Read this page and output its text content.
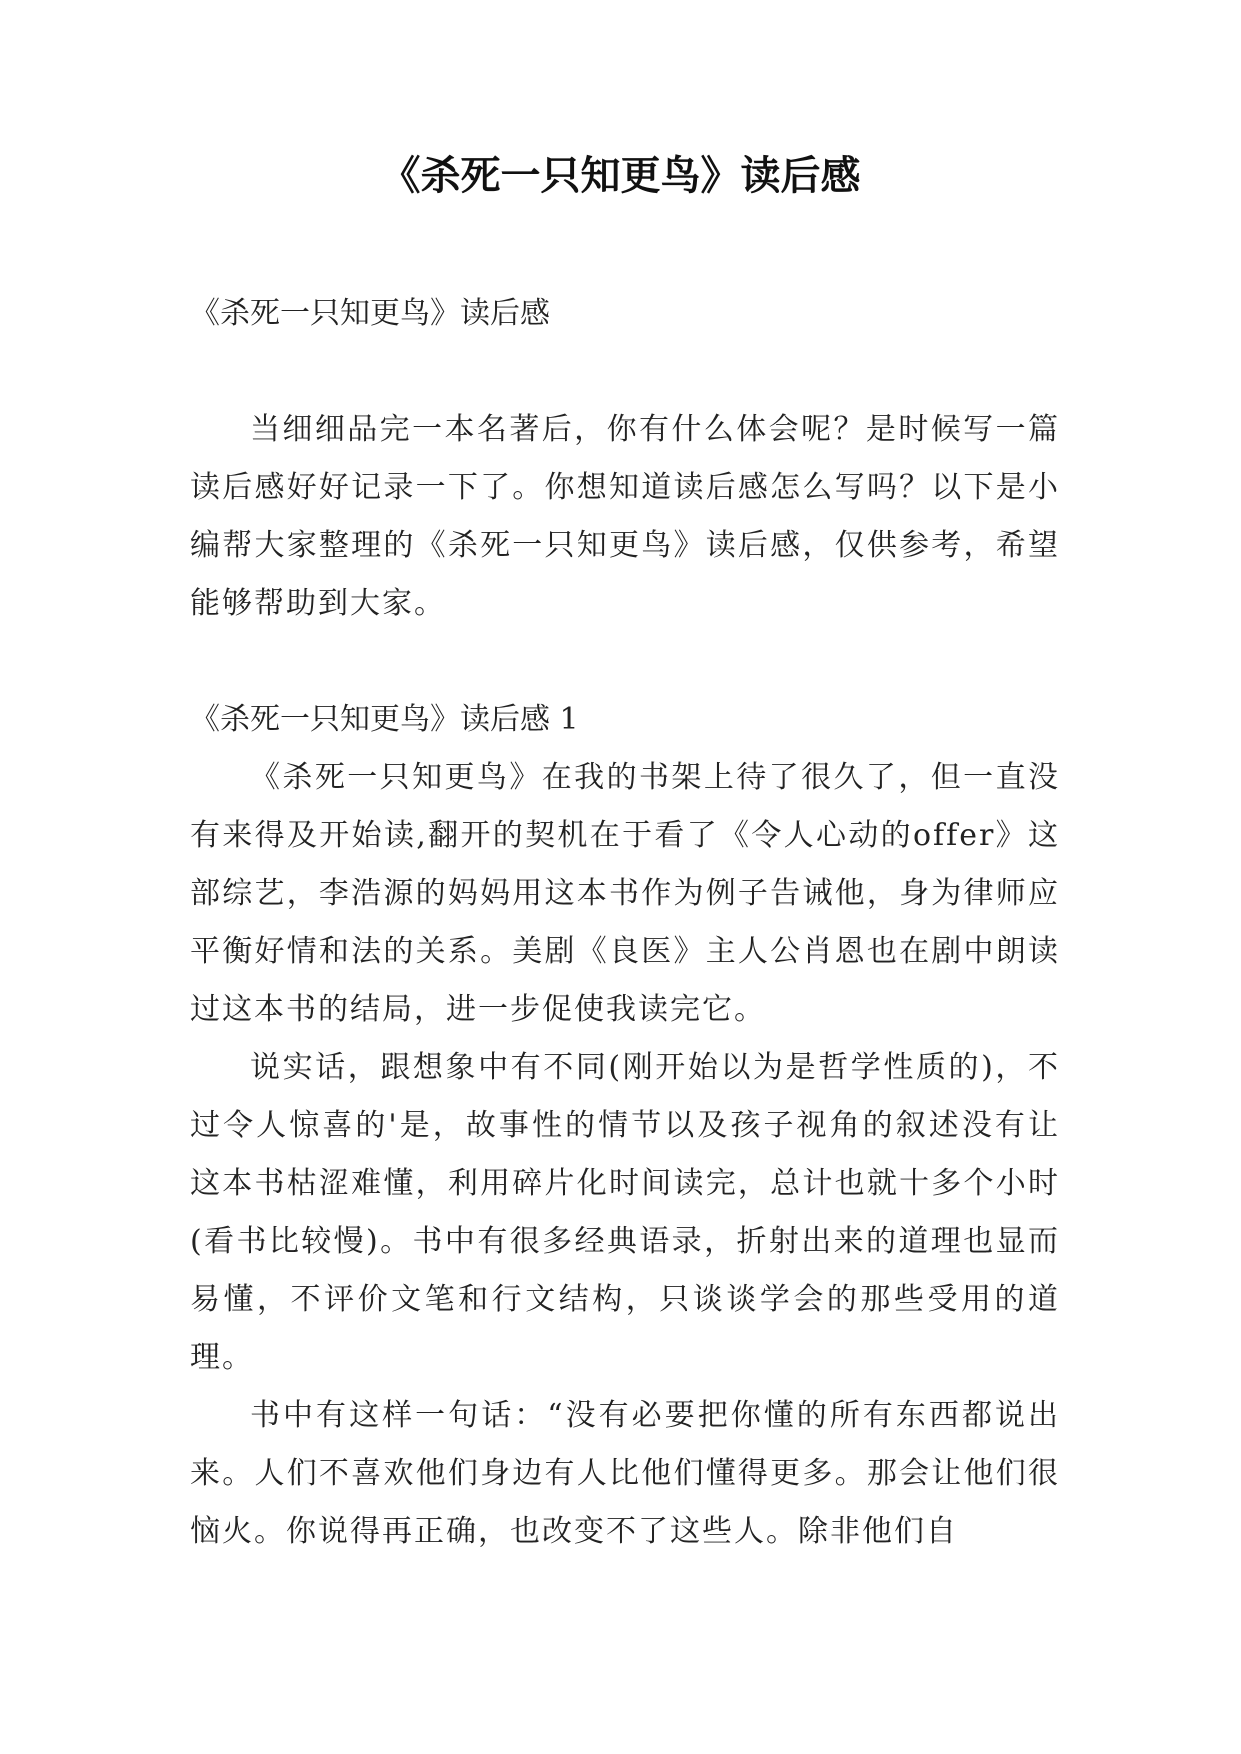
《杀死一只知更鸟》读后感

《杀死一只知更鸟》读后感

当细细品完一本名著后，你有什么体会呢？是时候写一篇读后感好好记录一下了。你想知道读后感怎么写吗？以下是小编帮大家整理的《杀死一只知更鸟》读后感，仅供参考，希望能够帮助到大家。

《杀死一只知更鸟》读后感 1

《杀死一只知更鸟》在我的书架上待了很久了，但一直没有来得及开始读,翻开的契机在于看了《令人心动的offer》这部综艺，李浩源的妈妈用这本书作为例子告诫他，身为律师应平衡好情和法的关系。美剧《良医》主人公肖恩也在剧中朗读过这本书的结局，进一步促使我读完它。

说实话，跟想象中有不同(刚开始以为是哲学性质的)，不过令人惊喜的'是，故事性的情节以及孩子视角的叙述没有让这本书枯涩难懂，利用碎片化时间读完，总计也就十多个小时(看书比较慢)。书中有很多经典语录，折射出来的道理也显而易懂，不评价文笔和行文结构，只谈谈学会的那些受用的道理。

书中有这样一句话：“没有必要把你懂的所有东西都说出来。人们不喜欢他们身边有人比他们懂得更多。那会让他们很恼火。你说得再正确，也改变不了这些人。除非他们自
